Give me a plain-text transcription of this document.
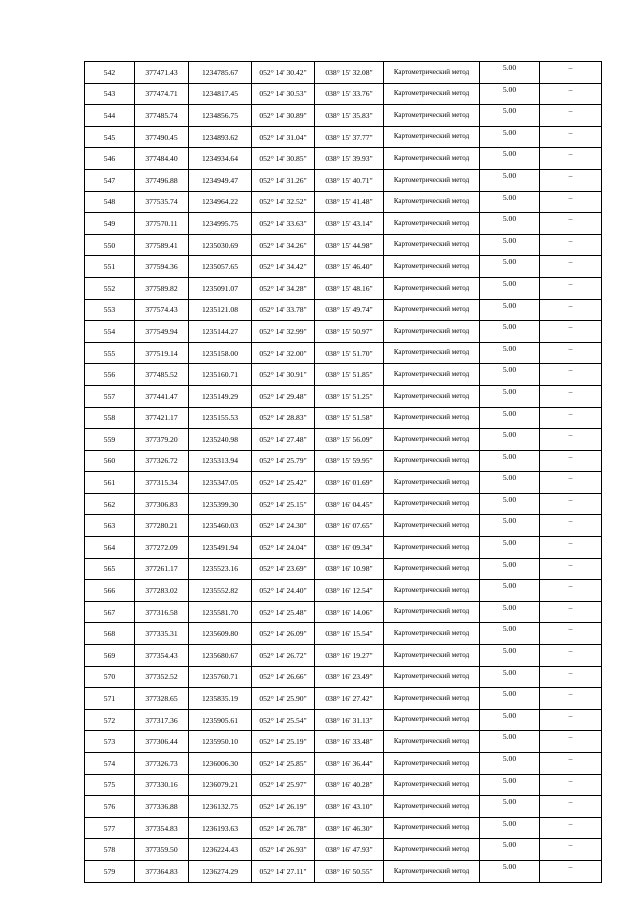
542	377471.43	1234785.67	052° 14' 30.42"	038° 15' 32.08"	Картометрический метод	5.00	–
543	377474.71	1234817.45	052° 14' 30.53"	038° 15' 33.76"	Картометрический метод	5.00	–
544	377485.74	1234856.75	052° 14' 30.89"	038° 15' 35.83"	Картометрический метод	5.00	–
545	377490.45	1234893.62	052° 14' 31.04"	038° 15' 37.77"	Картометрический метод	5.00	–
546	377484.40	1234934.64	052° 14' 30.85"	038° 15' 39.93"	Картометрический метод	5.00	–
547	377496.88	1234949.47	052° 14' 31.26"	038° 15' 40.71"	Картометрический метод	5.00	–
548	377535.74	1234964.22	052° 14' 32.52"	038° 15' 41.48"	Картометрический метод	5.00	–
549	377570.11	1234995.75	052° 14' 33.63"	038° 15' 43.14"	Картометрический метод	5.00	–
550	377589.41	1235030.69	052° 14' 34.26"	038° 15' 44.98"	Картометрический метод	5.00	–
551	377594.36	1235057.65	052° 14' 34.42"	038° 15' 46.40"	Картометрический метод	5.00	–
552	377589.82	1235091.07	052° 14' 34.28"	038° 15' 48.16"	Картометрический метод	5.00	–
553	377574.43	1235121.08	052° 14' 33.78"	038° 15' 49.74"	Картометрический метод	5.00	–
554	377549.94	1235144.27	052° 14' 32.99"	038° 15' 50.97"	Картометрический метод	5.00	–
555	377519.14	1235158.00	052° 14' 32.00"	038° 15' 51.70"	Картометрический метод	5.00	–
556	377485.52	1235160.71	052° 14' 30.91"	038° 15' 51.85"	Картометрический метод	5.00	–
557	377441.47	1235149.29	052° 14' 29.48"	038° 15' 51.25"	Картометрический метод	5.00	–
558	377421.17	1235155.53	052° 14' 28.83"	038° 15' 51.58"	Картометрический метод	5.00	–
559	377379.20	1235240.98	052° 14' 27.48"	038° 15' 56.09"	Картометрический метод	5.00	–
560	377326.72	1235313.94	052° 14' 25.79"	038° 15' 59.95"	Картометрический метод	5.00	–
561	377315.34	1235347.05	052° 14' 25.42"	038° 16' 01.69"	Картометрический метод	5.00	–
562	377306.83	1235399.30	052° 14' 25.15"	038° 16' 04.45"	Картометрический метод	5.00	–
563	377280.21	1235460.03	052° 14' 24.30"	038° 16' 07.65"	Картометрический метод	5.00	–
564	377272.09	1235491.94	052° 14' 24.04"	038° 16' 09.34"	Картометрический метод	5.00	–
565	377261.17	1235523.16	052° 14' 23.69"	038° 16' 10.98"	Картометрический метод	5.00	–
566	377283.02	1235552.82	052° 14' 24.40"	038° 16' 12.54"	Картометрический метод	5.00	–
567	377316.58	1235581.70	052° 14' 25.48"	038° 16' 14.06"	Картометрический метод	5.00	–
568	377335.31	1235609.80	052° 14' 26.09"	038° 16' 15.54"	Картометрический метод	5.00	–
569	377354.43	1235680.67	052° 14' 26.72"	038° 16' 19.27"	Картометрический метод	5.00	–
570	377352.52	1235760.71	052° 14' 26.66"	038° 16' 23.49"	Картометрический метод	5.00	–
571	377328.65	1235835.19	052° 14' 25.90"	038° 16' 27.42"	Картометрический метод	5.00	–
572	377317.36	1235905.61	052° 14' 25.54"	038° 16' 31.13"	Картометрический метод	5.00	–
573	377306.44	1235950.10	052° 14' 25.19"	038° 16' 33.48"	Картометрический метод	5.00	–
574	377326.73	1236006.30	052° 14' 25.85"	038° 16' 36.44"	Картометрический метод	5.00	–
575	377330.16	1236079.21	052° 14' 25.97"	038° 16' 40.28"	Картометрический метод	5.00	–
576	377336.88	1236132.75	052° 14' 26.19"	038° 16' 43.10"	Картометрический метод	5.00	–
577	377354.83	1236193.63	052° 14' 26.78"	038° 16' 46.30"	Картометрический метод	5.00	–
578	377359.50	1236224.43	052° 14' 26.93"	038° 16' 47.93"	Картометрический метод	5.00	–
579	377364.83	1236274.29	052° 14' 27.11"	038° 16' 50.55"	Картометрический метод	5.00	–
